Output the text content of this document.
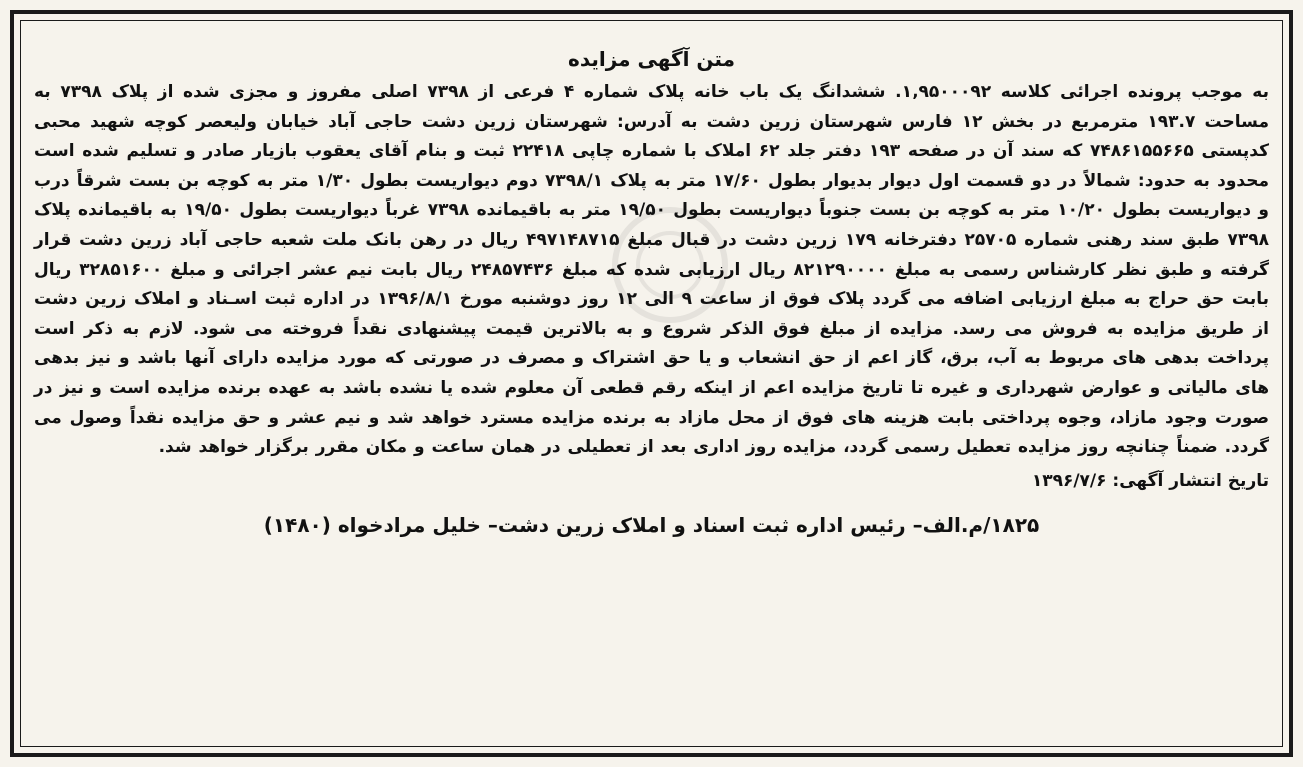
متن آگهی مزایده

به موجب پرونده اجرائی کلاسه ۹۵۰۰۰۹۲‚۱. ششدانگ یک باب خانه پلاک شماره ۴ فرعی از ۷۳۹۸ اصلی مفروز و مجزی شده از پلاک ۷۳۹۸ به مساحت ۱۹۳.۷ مترمربع در بخش ۱۲ فارس شهرستان زرین دشت به آدرس: شهرستان زرین دشت حاجی آباد خیابان ولیعصر کوچه شهید محبی کدپستی ۷۴۸۶۱۵۵۶۶۵ که سند آن در صفحه ۱۹۳ دفتر جلد ۶۲ املاک با شماره چاپی ۲۲۴۱۸ ثبت و بنام آقای یعقوب بازیار صادر و تسلیم شده است محدود به حدود: شمالاً در دو قسمت اول دیوار بدیوار بطول ۱۷/۶۰ متر به پلاک ۷۳۹۸/۱ دوم دیواریست بطول ۱/۳۰ متر به کوچه بن بست شرقاً درب و دیواریست بطول ۱۰/۲۰ متر به کوچه بن بست جنوباً دیواریست بطول ۱۹/۵۰ متر به باقیمانده ۷۳۹۸ غرباً دیواریست بطول ۱۹/۵۰ به باقیمانده پلاک ۷۳۹۸ طبق سند رهنی شماره ۲۵۷۰۵ دفترخانه ۱۷۹ زرین دشت در قبال مبلغ ۴۹۷۱۴۸۷۱۵ ریال در رهن بانک ملت شعبه حاجی آباد زرین دشت قرار گرفته و طبق نظر کارشناس رسمی به مبلغ ۸۲۱۲۹۰۰۰۰ ریال ارزیابی شده که مبلغ ۲۴۸۵۷۴۳۶ ریال بابت نیم عشر اجرائی و مبلغ ۳۲۸۵۱۶۰۰ ریال بابت حق حراج به مبلغ ارزیابی اضافه می گردد پلاک فوق از ساعت ۹ الی ۱۲ روز دوشنبه مورخ ۱۳۹۶/۸/۱ در اداره ثبت اسـناد و املاک زرین دشت از طریق مزایده به فروش می رسد. مزایده از مبلغ فوق الذکر شروع و به بالاترین قیمت پیشنهادی نقداً فروخته می شود. لازم به ذکر است پرداخت بدهی های مربوط به آب، برق، گاز اعم از حق انشعاب و یا حق اشتراک و مصرف در صورتی که مورد مزایده دارای آنها باشد و نیز بدهی های مالیاتی و عوارض شهرداری و غیره تا تاریخ مزایده اعم از اینکه رقم قطعی آن معلوم شده یا نشده باشد به عهده برنده مزایده است و نیز در صورت وجود مازاد، وجوه پرداختی بابت هزینه های فوق از محل مازاد به برنده مزایده مسترد خواهد شد و نیم عشر و حق مزایده نقداً وصول می گردد. ضمناً چنانچه روز مزایده تعطیل رسمی گردد، مزایده روز اداری بعد از تعطیلی در همان ساعت و مکان مقرر برگزار خواهد شد.

تاریخ انتشار آگهی: ۱۳۹۶/۷/۶
۱۸۲۵/م.الف– رئیس اداره ثبت اسناد و املاک زرین دشت– خلیل مرادخواه (۱۴۸۰)
